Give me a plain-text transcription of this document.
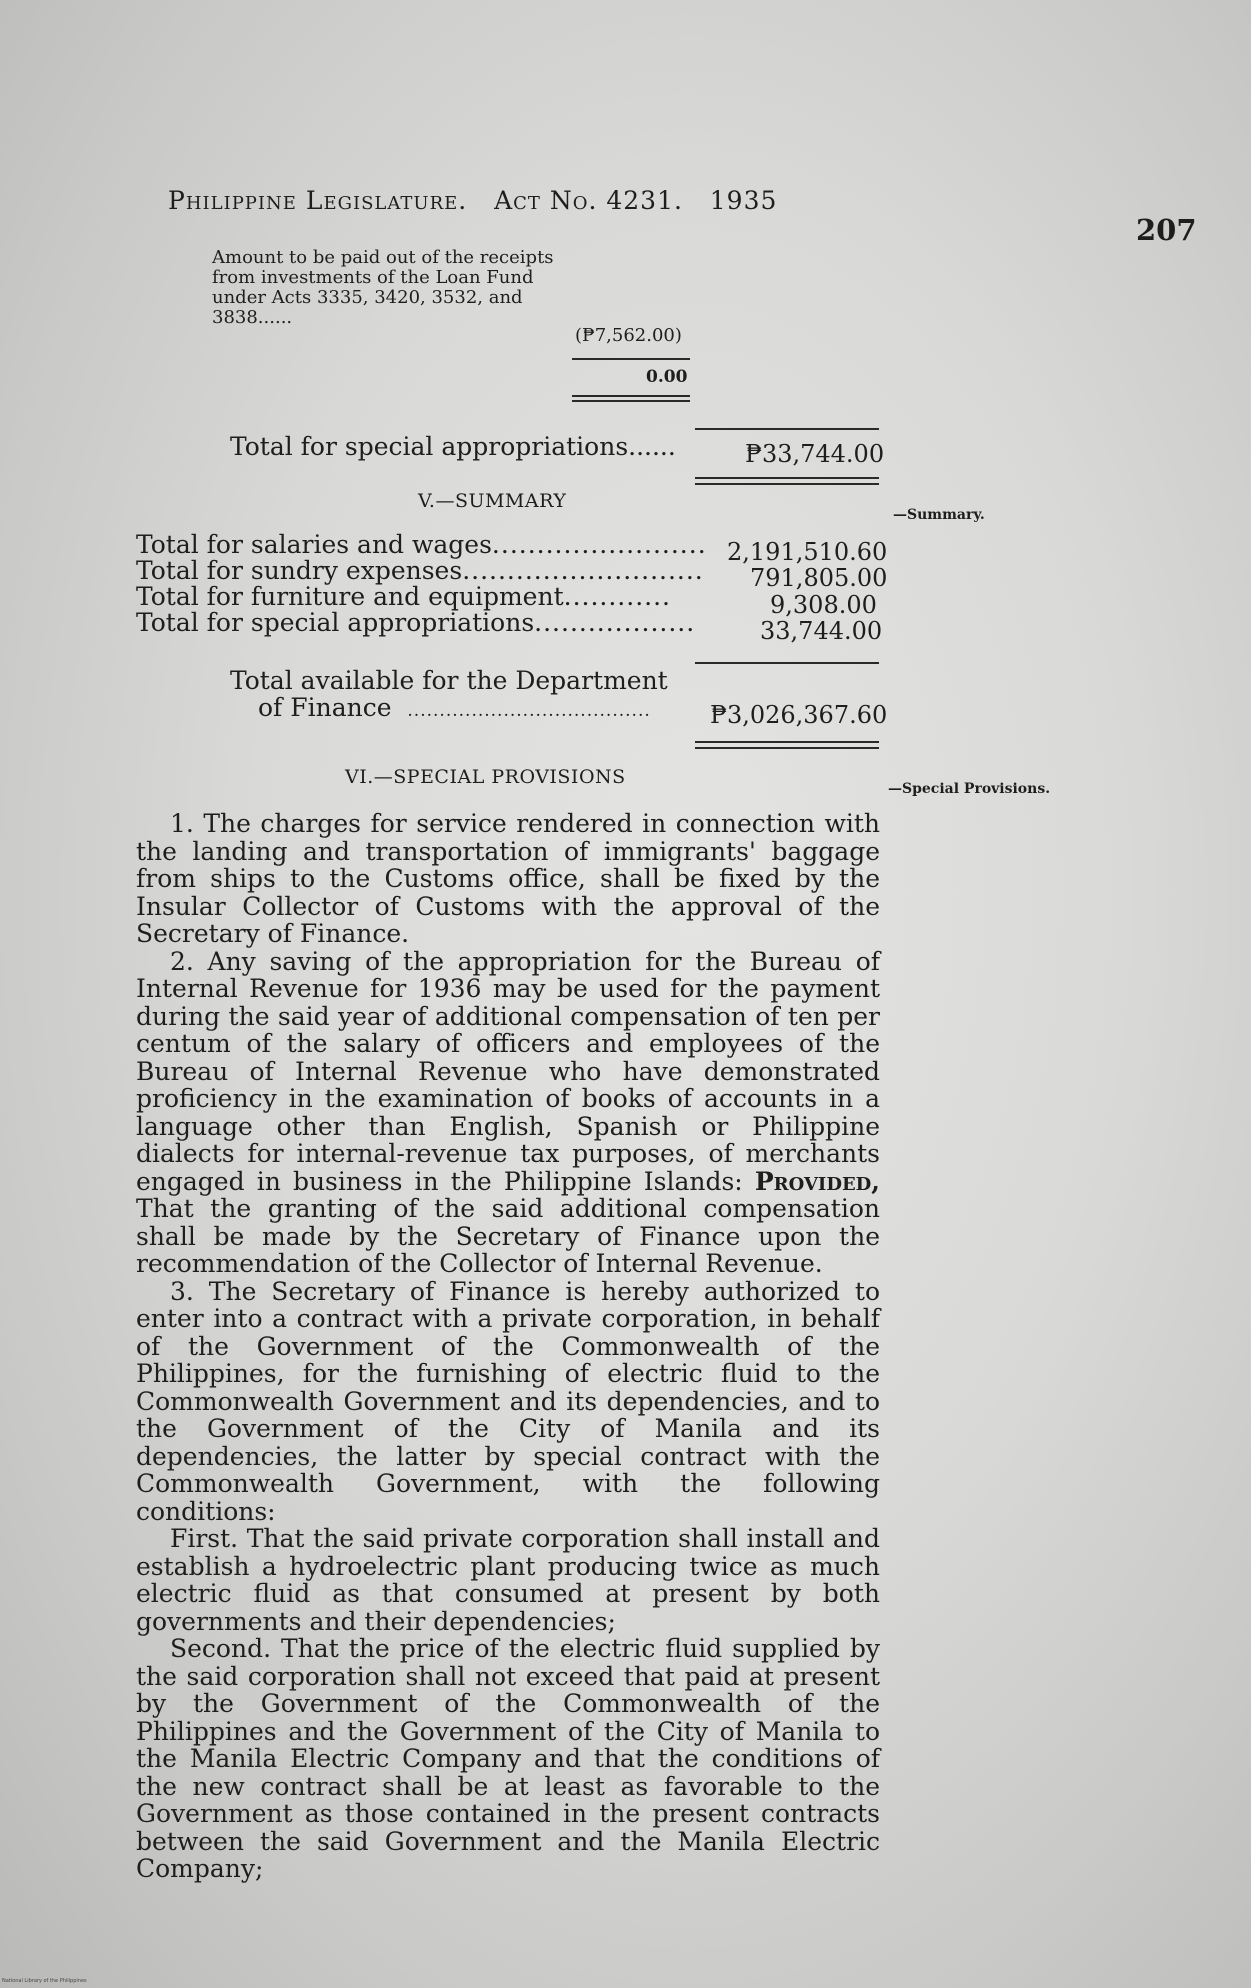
Philippine Legislature. Act No. 4231. 1935
207
Amount to be paid out of the receipts from investments of the Loan Fund under Acts 3335, 3420, 3532, and 3838......
(₱7,562.00)
0.00
Total for special appropriations......	₱33,744.00
V.—SUMMARY
—Summary.
Total for salaries and wages........................ 2,191,510.60
Total for sundry expenses........................... 791,805.00
Total for furniture and equipment............	9,308.00
Total for special appropriations..................	33,744.00
Total available for the Department
of Finance ...................................... ₱3,026,367.60
VI.—SPECIAL PROVISIONS
—Special Provisions.

1. The charges for service rendered in connection with the landing and transportation of immigrants' baggage from ships to the Customs office, shall be fixed by the Insular Collector of Customs with the approval of the Secretary of Finance.

2. Any saving of the appropriation for the Bureau of Internal Revenue for 1936 may be used for the payment during the said year of additional compensation of ten per centum of the salary of officers and employees of the Bureau of Internal Revenue who have demonstrated proficiency in the examination of books of accounts in a language other than English, Spanish or Philippine dialects for internal-revenue tax purposes, of merchants engaged in business in the Philippine Islands: Provided, That the granting of the said additional compensation shall be made by the Secretary of Finance upon the recommendation of the Collector of Internal Revenue.

3. The Secretary of Finance is hereby authorized to enter into a contract with a private corporation, in behalf of the Government of the Commonwealth of the Philippines, for the furnishing of electric fluid to the Commonwealth Government and its dependencies, and to the Government of the City of Manila and its dependencies, the latter by special contract with the Commonwealth Government, with the following conditions:

First. That the said private corporation shall install and establish a hydroelectric plant producing twice as much electric fluid as that consumed at present by both governments and their dependencies;

Second. That the price of the electric fluid supplied by the said corporation shall not exceed that paid at present by the Government of the Commonwealth of the Philippines and the Government of the City of Manila to the Manila Electric Company and that the conditions of the new contract shall be at least as favorable to the Government as those contained in the present contracts between the said Government and the Manila Electric Company;

National Library of the Philippines
